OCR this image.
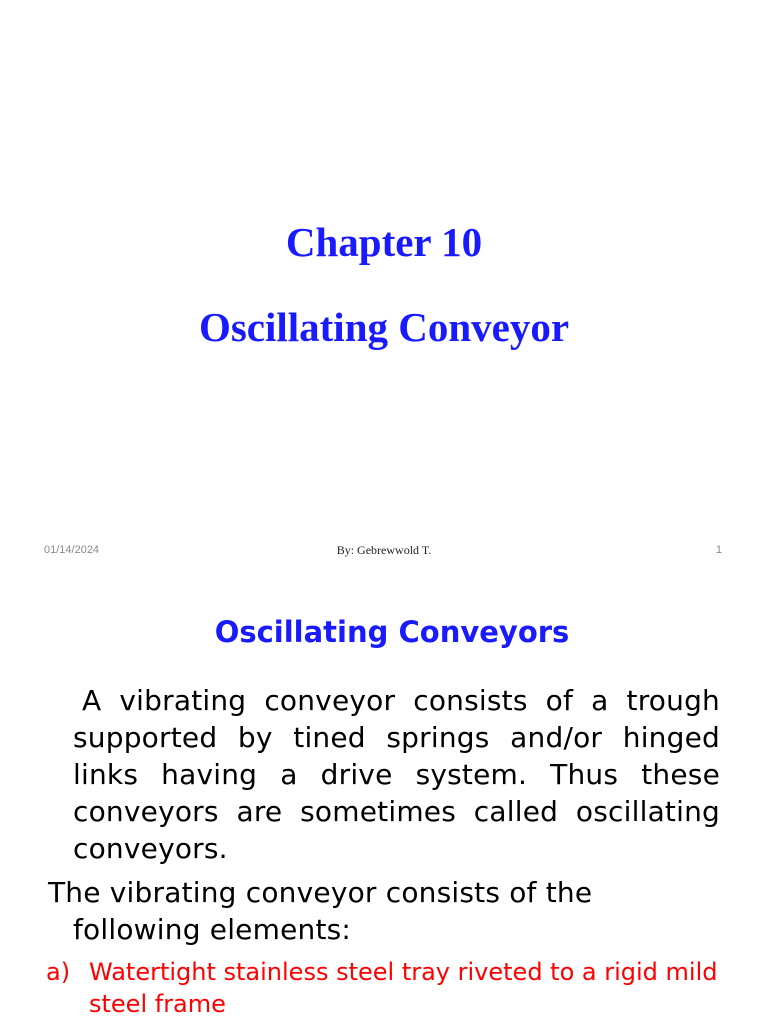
Chapter 10
Oscillating Conveyor
01/14/2024	By: Gebrewwold T.	1
Oscillating Conveyors
A vibrating conveyor consists of a trough supported by tined springs and/or hinged links having a drive system. Thus these conveyors are sometimes called oscillating conveyors.
The vibrating conveyor consists of the
following elements:
a) Watertight stainless steel tray riveted to a rigid mild steel frame
